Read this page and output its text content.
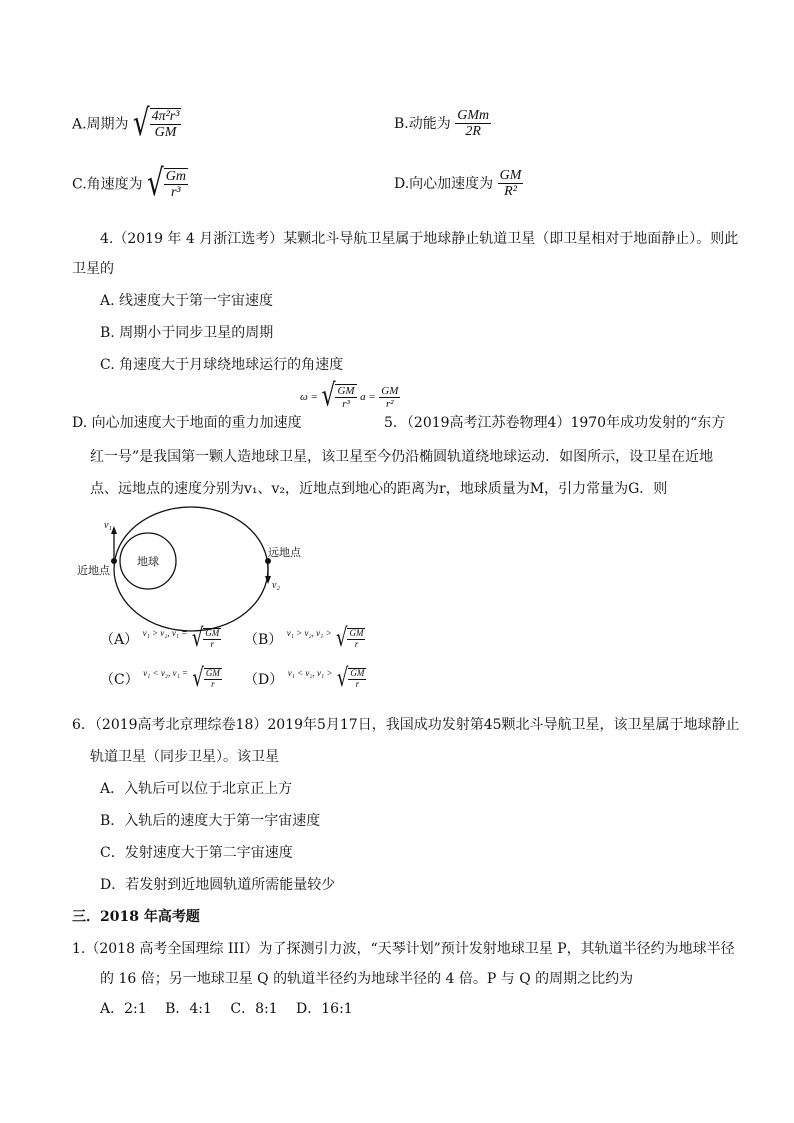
A.周期为 √ $\frac{\text{4π²r³}}{GM}$	B.动能为 $\frac{\text{GMm}}{2R}$
C.角速度为 √ $\frac{Gm}{\text{r³}}$	D.向心加速度为 $\frac{GM}{\text{R²}}$
4.（2019 年 4 月浙江选考）某颗北斗导航卫星属于地球静止轨道卫星（即卫星相对于地面静止）。则此
卫星的
A. 线速度大于第一宇宙速度
B. 周期小于同步卫星的周期
C. 角速度大于月球绕地球运行的角速度
D. 向心加速度大于地面的重力加速度
ω = √ $\frac{GM}{\text{r³}}$ $a = \frac{GM}{\text{r²}}$
5．（2019高考江苏卷物理4）1970年成功发射的“东方
红一号”是我国第一颗人造地球卫星，该卫星至今仍沿椭圆轨道绕地球运动．如图所示，设卫星在近地
点、远地点的速度分别为v₁、v₂，近地点到地心的距离为r，地球质量为M，引力常量为G．则
地球
近地点
远地点
v₁
v₂
（A） $^{v_1 > v_2, v_1 =}$ √ $\frac{GM}{r} (B)$ $^{v_1 > v_2, v_1 >}$ √ $\frac{GM}{r}$
（C） $^{v_1 < v_2, v_1 =}$ √ $\frac{GM}{r} (D)$ $^{v_1 < v_2, v_1 >}$ √ $\frac{GM}{r}$
6．（2019高考北京理综卷18）2019年5月17日，我国成功发射第45颗北斗导航卫星，该卫星属于地球静止
轨道卫星（同步卫星）。该卫星
A．入轨后可以位于北京正上方
B．入轨后的速度大于第一宇宙速度
C．发射速度大于第二宇宙速度
D．若发射到近地圆轨道所需能量较少
三．2018 年高考题
1.（2018 高考全国理综 III）为了探测引力波，“天琴计划”预计发射地球卫星 P，其轨道半径约为地球半径
的 16 倍；另一地球卫星 Q 的轨道半径约为地球半径的 4 倍。P 与 Q 的周期之比约为
A．2:1　 B．4:1　 C．8:1　 D．16:1
